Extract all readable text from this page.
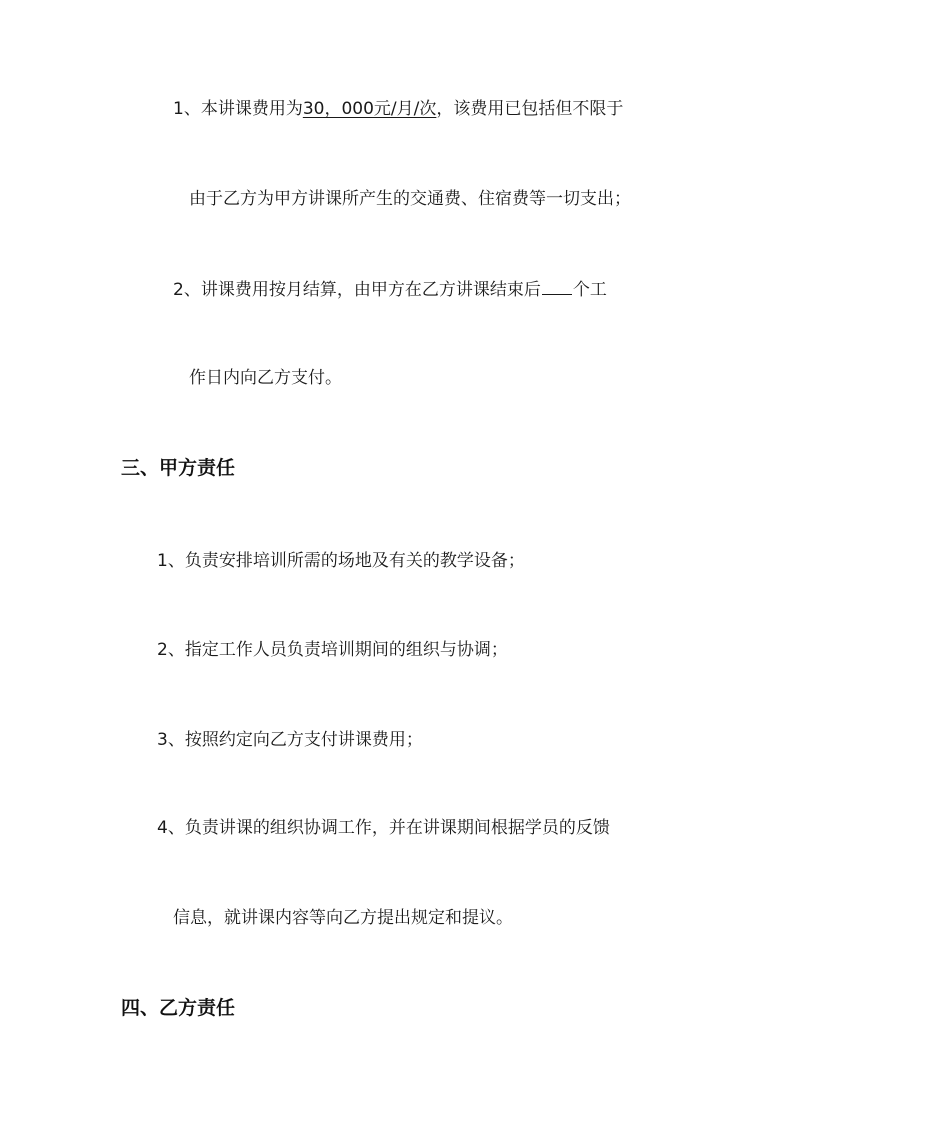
1、本讲课费用为30，000元/月/次，该费用已包括但不限于
由于乙方为甲方讲课所产生的交通费、住宿费等一切支出；
2、讲课费用按月结算，由甲方在乙方讲课结束后 个工
作日内向乙方支付。
三、甲方责任
1、负责安排培训所需的场地及有关的教学设备；
2、指定工作人员负责培训期间的组织与协调；
3、按照约定向乙方支付讲课费用；
4、负责讲课的组织协调工作，并在讲课期间根据学员的反馈
信息，就讲课内容等向乙方提出规定和提议。
四、乙方责任
